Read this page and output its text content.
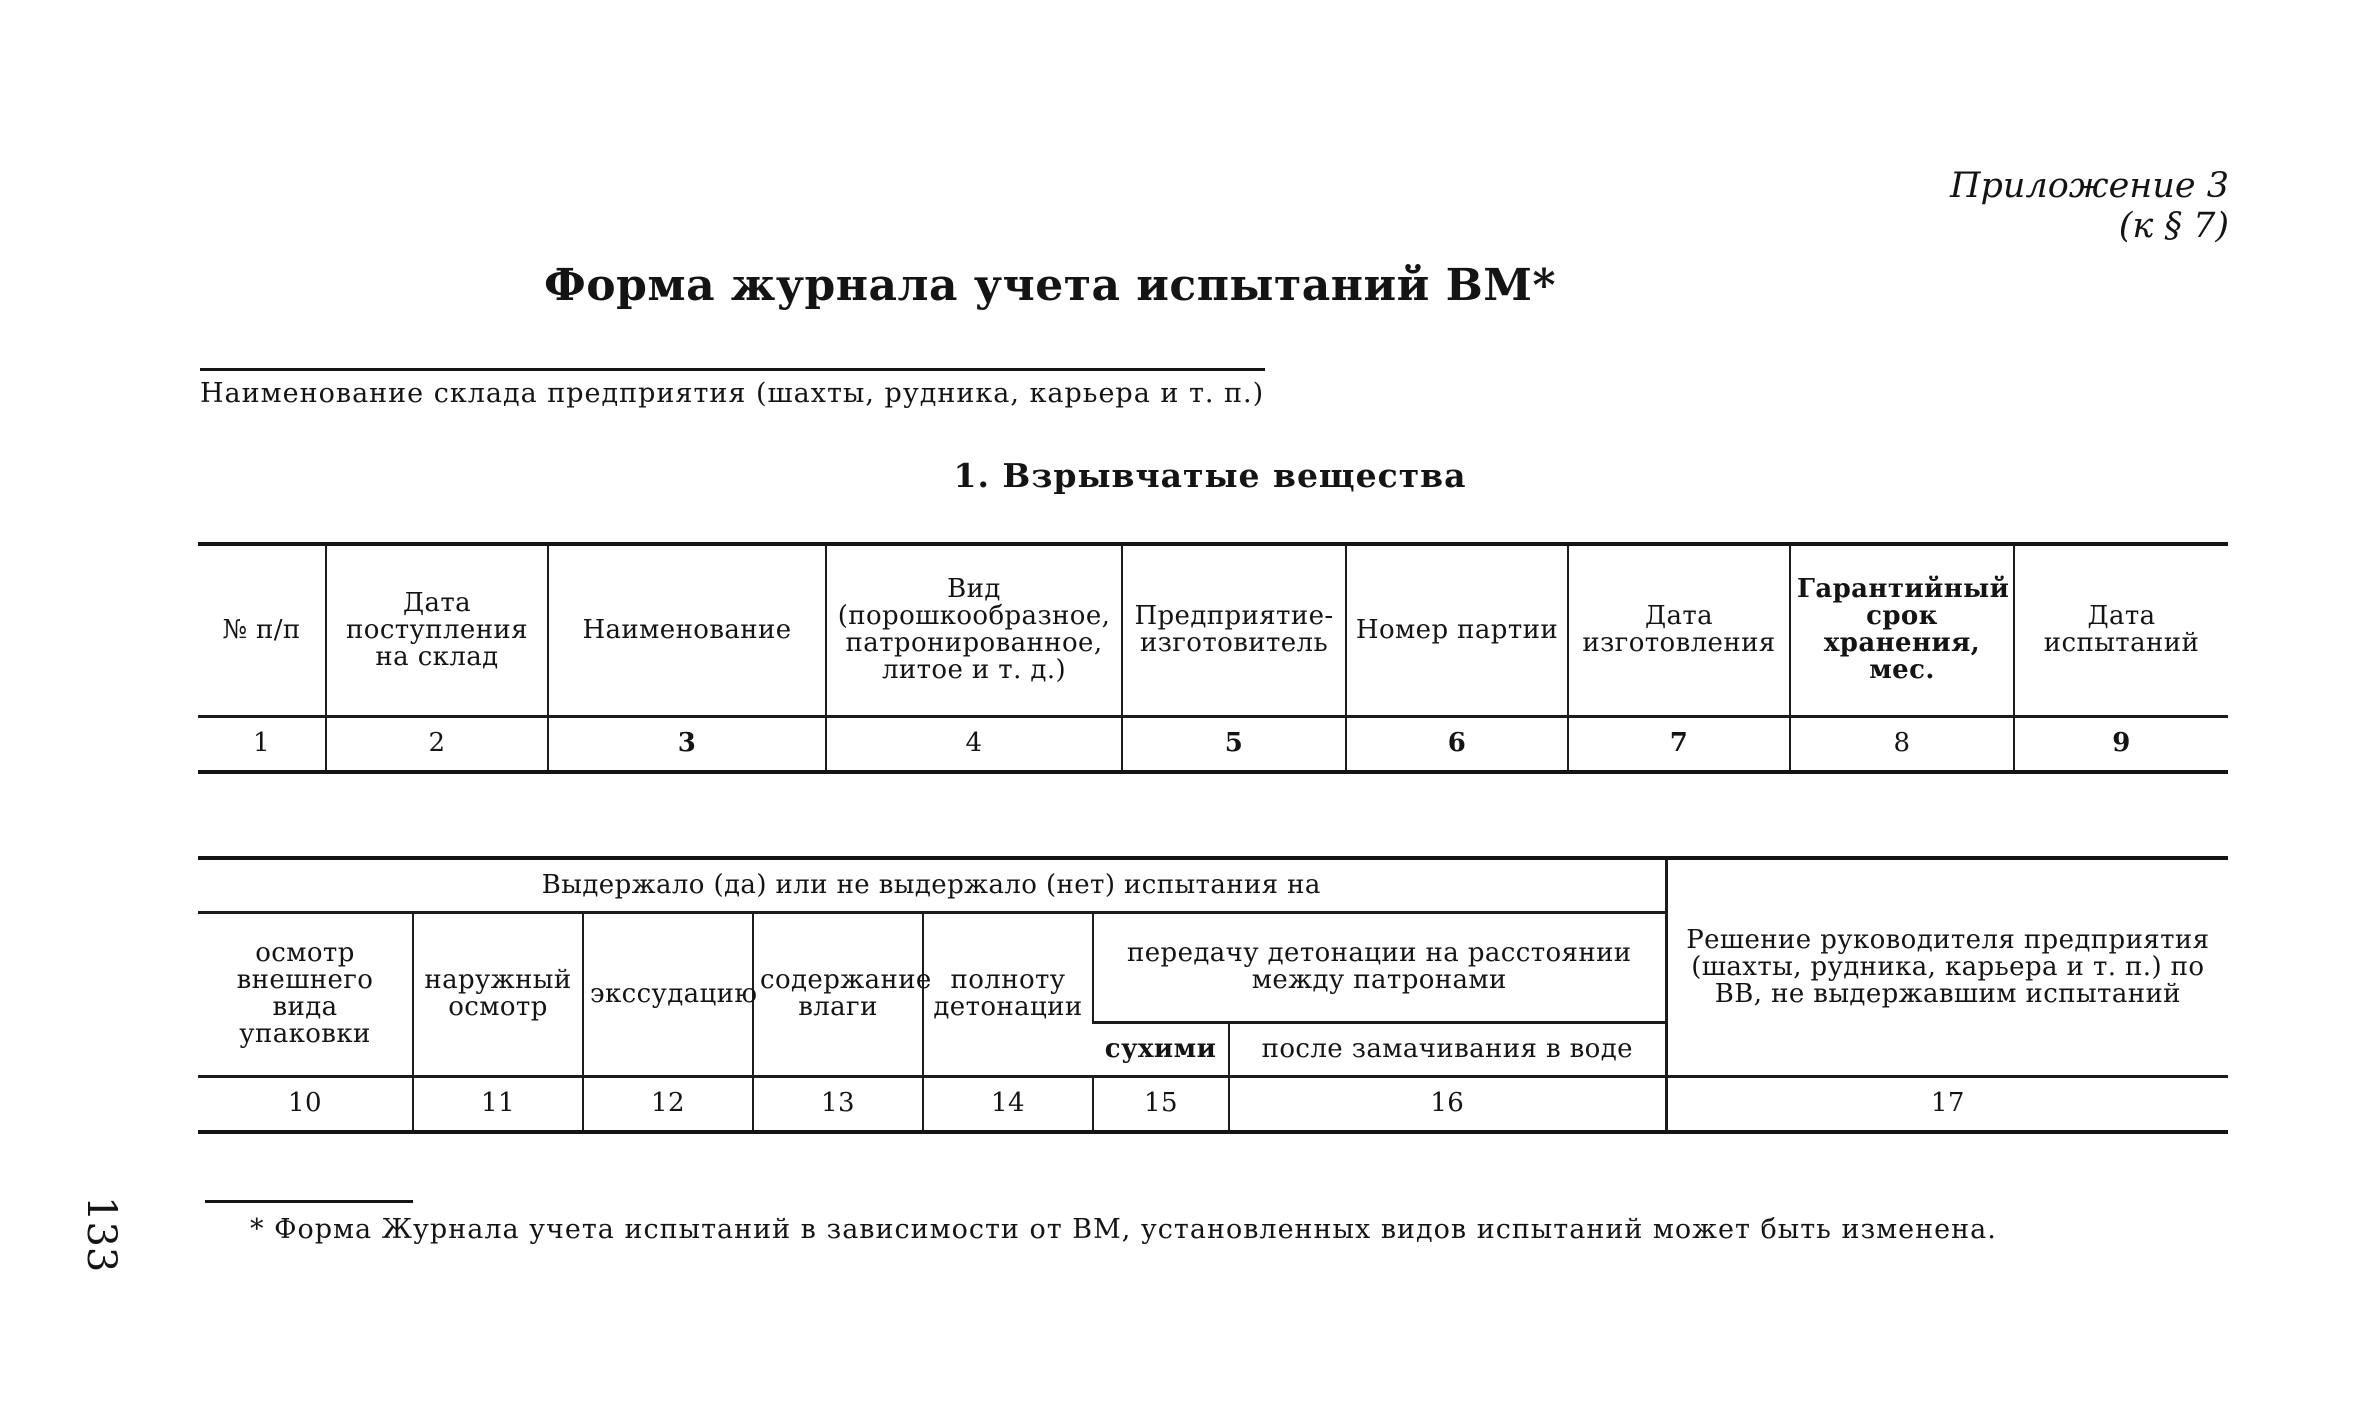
Приложение 3
(к § 7)
Форма журнала учета испытаний ВМ*
Наименование склада предприятия (шахты, рудника, карьера и т. п.)
1. Взрывчатые вещества
№ п/п	Дата поступления на склад	Наименование	Вид (порошкообразное, патронированное, литое и т. д.)	Предприятие-изготовитель	Номер партии	Дата изготовления	Гарантийный срок хранения, мес.	Дата испытаний
1	2	3	4	5	6	7	8	9
Выдержало (да) или не выдержало (нет) испытания на							Решение руководителя предприятия (шахты, рудника, карьера и т. п.) по ВВ, не выдержавшим испытаний
осмотр внешнего вида упаковки	наружный осмотр	экссудацию	содержание влаги	полноту детонации	передачу детонации на расстоянии между патронами		
					сухими	после замачивания в воде	
10	11	12	13	14	15	16	17
133	* Форма Журнала учета испытаний в зависимости от ВМ, установленных видов испытаний может быть изменена.
